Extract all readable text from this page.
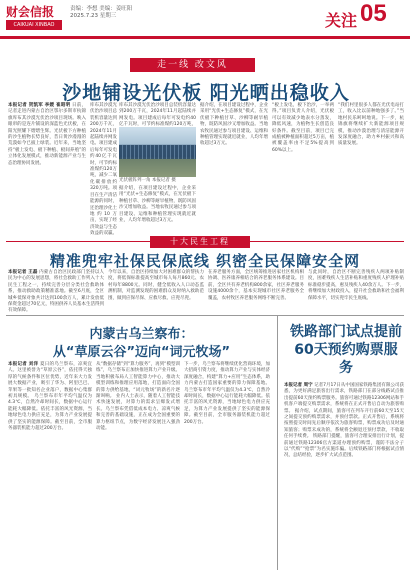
财会信报
CAIKUAI XINBAO
责编：李想 美编：姜旺阳
2025.7.23 星期三	关注 05
走一线 改文风
沙地铺设光伏板 阳光晒出稳收入
本报记者 贺凯军 李媛 崔昭明 日前，记者走进内蒙古自治区鄂尔多斯市杭锦旗库布其沙漠光伏治沙项目现场。映入眼帘的是连片铺设的深蓝色光伏板，在阳光照耀下熠熠生辉。光伏板下方种植的沙生植物长势良好，昔日黄沙漫漫的荒漠如今已披上绿装。近年来，当地坚持“板上发电、板下种植、板间养殖”的立体化发展模式，推动新能源产业与生态治理协同发展。
库布其沙漠光伏治沙项目总装机容量达到200万千瓦，2024年11月起陆续并网发电。项目建成后每年可发电约40亿千瓦时，可节约标准煤约120万吨，减少二氧化碳排放约320万吨。项目在生产清洁能源的同时，还治理沙化土地约10万亩，实现了经济效益与生态效益的双赢。
库布其沙漠光伏治沙项目总装机容量达到200万千瓦，2024年11月起陆续并网发电。项目建成后每年可发电约40亿千瓦时，可节约标准煤约120万吨，
光伏板阵列一角 本报记者 摄
据介绍，在项目建设过程中，企业采用“光伏+生态修复”模式，在光伏板下种植甘草、沙柳等耐旱植物，既防风固沙又增加收益。当地农牧民通过参与项目建设、运维和种植管理实现就近就业，人均年增收超过3万元。
据介绍，在项目建设过程中，企业采用“光伏+生态修复”模式，在光伏板下种植甘草、沙柳等耐旱植物，既防风固沙又增加收益。当地农牧民通过参与项目建设、运维和种植管理实现就近就业，人均年增收超过3万元。
“板上发电，板下治沙，一举两得。”项目负责人介绍，光伏板可以有效减少地表水分蒸发，降低风速，为植物生长创造良好条件。截至目前，项目已完成植被种植面积超过5万亩，植被覆盖率由不足5%提高到60%以上。
“我们村里很多人都在光伏电站打工，收入比以前种地强多了。”当地村民乐呵呵地说。下一步，杭锦旗将继续扩大新能源项目规模，推动沙漠治理与清洁能源开发深度融合，助力乡村振兴和高质量发展。
十大民生工程
精准兜牢社保民保底线 织密全民保障安全网
本报记者 王磊 内蒙古自治区民政部门坚持以人民为中心的发展思想，将社会救助工作列入十大民生工程之一，持续完善分层分类社会救助体系，推动救助政策精准落地。截至6月底，全区城乡低保对象共计达到100余万人，累计发放低保资金超过70亿元，特困供养人员基本生活得到有效保障。
今年以来，自治区持续加大对困难群众的帮扶力度，将低保标准提高至城市每人每月860元、农村每年8800元。同时，健全低收入人口动态监测机制，对监测发现的困难群众及时纳入救助范围，做到应保尽保、应救尽救、应兜尽兜。
在养老服务方面，全区统筹推进居家社区机构相协调、医养康养相结合的养老服务体系建设。目前，全区共有养老机构800余家，社区养老服务设施4000余个，基本实现城市社区养老服务全覆盖，农村牧区养老服务网络不断完善。
与此同时，自治区不断完善残疾人两项补贴制度，困难残疾人生活补贴和重度残疾人护理补贴标准稳步提高，惠及残疾人40余万人。下一步，将继续加大财政投入，提升社会救助和社会福利保障水平，切实兜牢民生底线。
内蒙古乌兰察布：
从“草原云谷”迈向“词元牧场”
本报记者 刘洋 夏日的乌兰察布，凉爽宜人。这里被誉为“草原云谷”，依托得天独厚的气候条件和区位优势，近年来大力发展大数据产业，吸引了华为、阿里巴巴、苹果等一批知名企业落户，数据中心集群初具规模。 乌兰察布市年平均气温仅为4.3℃，自然冷却时间长，数据中心运行能耗大幅降低。依托丰富的风光资源，当地绿色电力供应充足，为算力产业发展提供了坚实的能源保障。截至目前，全市服务器装机能力超过200万台。
从“数据存储”到“算力服务”，再到“模型训练”，乌兰察布正加快推进算力产业升级。当地积极布局人工智能算力中心，推动大模型训练和推理应用落地，打造面向全国的算力供给基地，“词元牧场”的新名片逐渐叫响。 业内人士表示，随着人工智能技术快速发展，对算力的需求呈爆发式增长。乌兰察布凭借低成本电力、凉爽气候和完善的基础设施，正在成为全国重要的算力枢纽节点，为数字经济发展注入强劲动能。
下一步，乌兰察布将继续优化营商环境，加大招商引资力度，推动算力产业与实体经济深度融合，构建“算力+应用”生态体系，助力内蒙古打造国家重要的算力保障基地。 乌兰察布市年平均气温仅为4.3℃，自然冷却时间长，数据中心运行能耗大幅降低。依托丰富的风光资源，当地绿色电力供应充足，为算力产业发展提供了坚实的能源保障。截至目前，全市服务器装机能力超过200万台。
铁路部门试点提前60天预约购票服务
本报记者 周宁 记者7月17日从中国国家铁路集团有限公司获悉，为更好满足旅客出行需求，铁路部门在部分线路试点推出提前60天预约购票服务。旅客可通过铁路12306网站和手机客户端提交购票需求，系统将在正式开售后自动为旅客购票。 据介绍，试点期间，旅客可在列车开行前60天至15天之间提交预约购票需求，并预付票款。正式开售后，系统将按照提交时间先后顺序依次为旅客购票，购票成功后及时通知旅客；购票未成功的，系统将全额退还预付票款，不收取任何手续费。 铁路部门提醒，旅客可合理安排出行计划，提前通过铁路12306官方渠道办理预约购票，谨防不法分子以“代购”“抢票”为名实施诈骗。后续铁路部门将根据试点情况，总结经验，逐步扩大试点范围。
